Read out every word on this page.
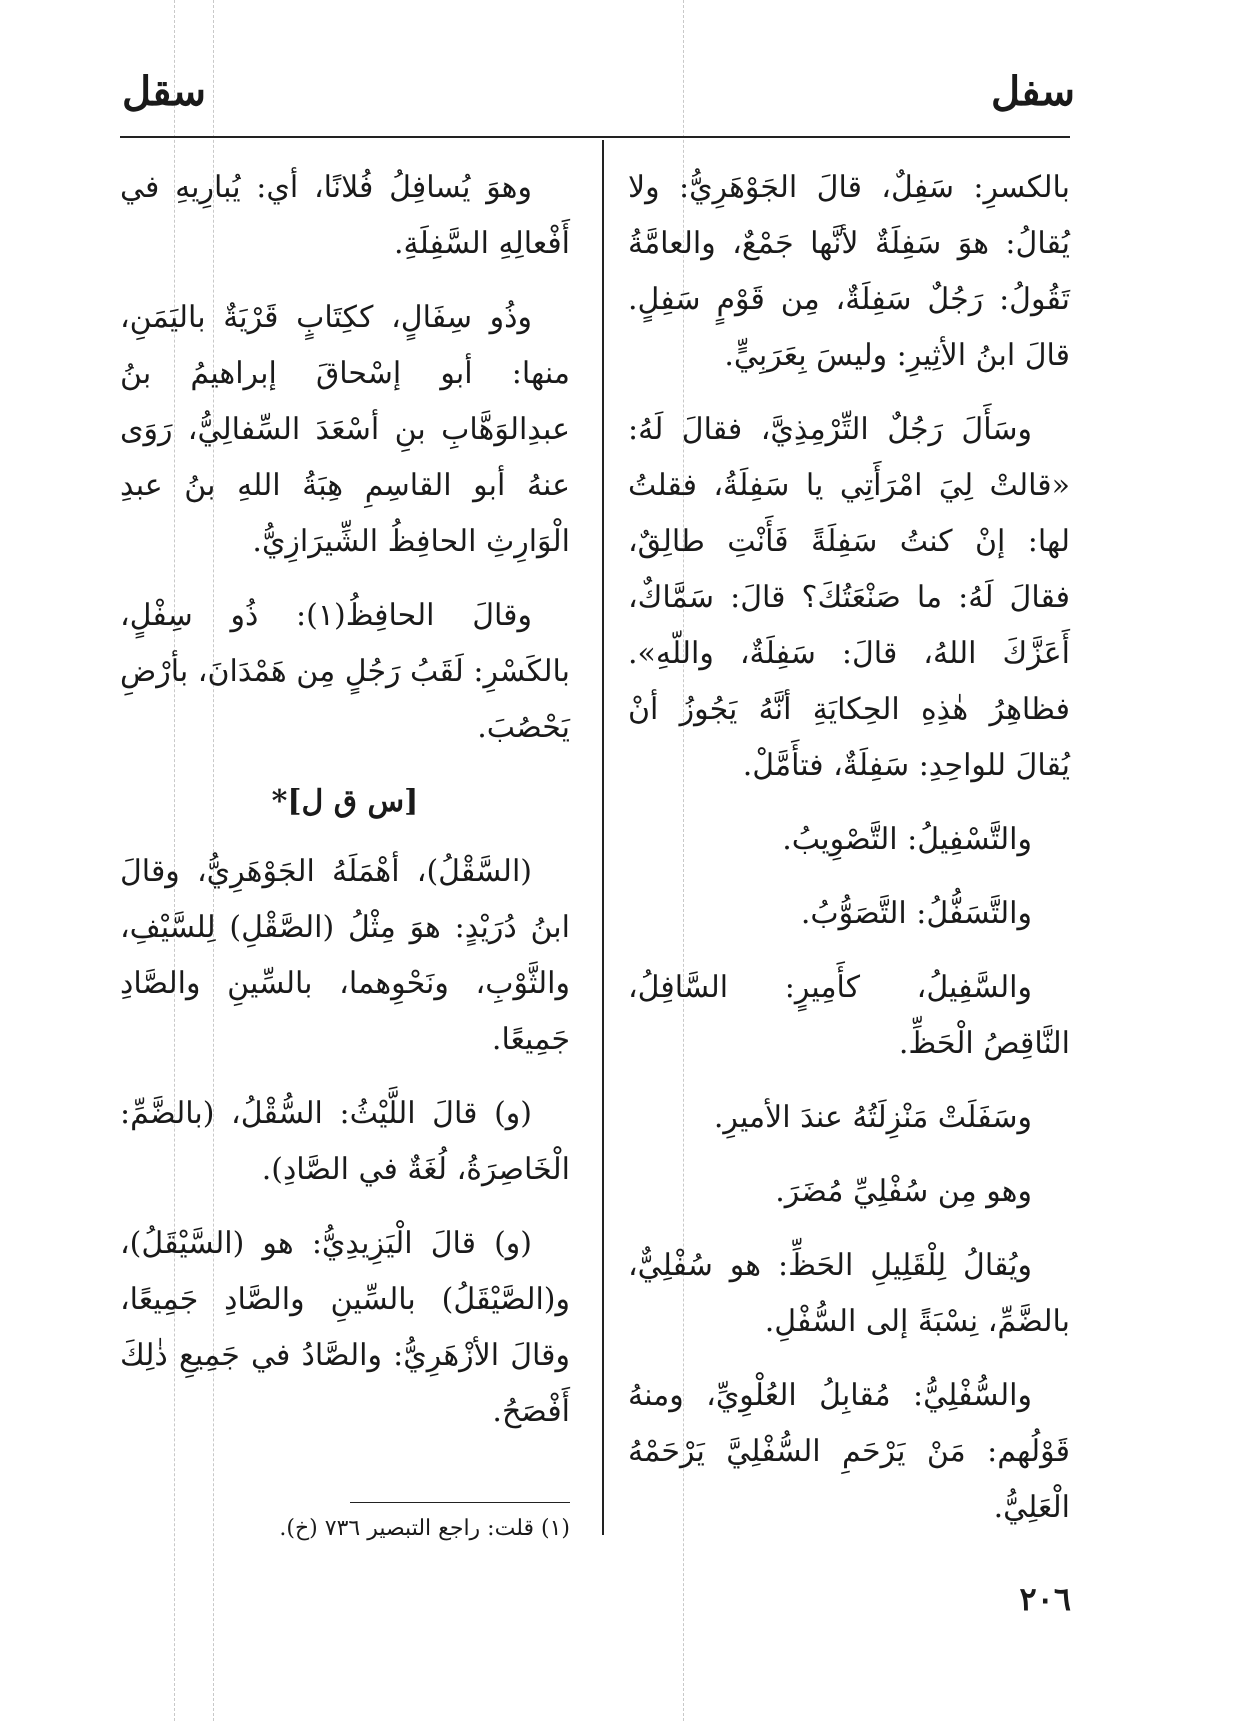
سفل
سقل

بالكسرِ: سَفِلٌ، قالَ الجَوْهَرِيُّ: ولا يُقالُ: هوَ سَفِلَةٌ لأنَّها جَمْعٌ، والعامَّةُ تَقُولُ: رَجُلٌ سَفِلَةٌ، مِن قَوْمٍ سَفِلٍ. قالَ ابنُ الأثِيرِ: وليسَ بِعَرَبِيٍّ.

وسَأَلَ رَجُلٌ التِّرْمِذِيَّ، فقالَ لَهُ: «قالتْ لِيَ امْرَأَتِي يا سَفِلَةُ، فقلتُ لها: إنْ كنتُ سَفِلَةً فَأَنْتِ طالِقٌ، فقالَ لَهُ: ما صَنْعَتُكَ؟ قالَ: سَمَّاكٌ، أَعَزَّكَ اللهُ، قالَ: سَفِلَةٌ، واللّهِ». فظاهِرُ هٰذِهِ الحِكايَةِ أنَّهُ يَجُوزُ أنْ يُقالَ للواحِدِ: سَفِلَةٌ، فتأَمَّلْ.

والتَّسْفِيلُ: التَّصْوِيبُ.

والتَّسَفُّلُ: التَّصَوُّبُ.

والسَّفِيلُ، كأَمِيرٍ: السَّافِلُ، النَّاقِصُ الْحَظِّ.

وسَفَلَتْ مَنْزِلَتُهُ عندَ الأميرِ.

وهو مِن سُفْلِيِّ مُضَرَ.

ويُقالُ لِلْقَلِيلِ الحَظِّ: هو سُفْلِيٌّ، بالضَّمِّ، نِسْبَةً إلى السُّفْلِ.

والسُّفْلِيُّ: مُقابِلُ العُلْوِيِّ، ومنهُ قَوْلُهم: مَنْ يَرْحَمِ السُّفْلِيَّ يَرْحَمْهُ الْعَلِيُّ.

وهوَ يُسافِلُ فُلانًا، أي: يُبارِيهِ في أَفْعالِهِ السَّفِلَةِ.

وذُو سِفَالٍ، ككِتَابٍ قَرْيَةٌ باليَمَنِ، منها: أبو إسْحاقَ إبراهيمُ بنُ عبدِالوَهَّابِ بنِ أسْعَدَ السِّفالِيُّ، رَوَى عنهُ أبو القاسِمِ هِبَةُ اللهِ بنُ عبدِ الْوَارِثِ الحافِظُ الشِّيرَازِيُّ.

وقالَ الحافِظُ(١): ذُو سِفْلٍ، بالكَسْرِ: لَقَبُ رَجُلٍ مِن هَمْدَانَ، بأرْضِ يَحْصُبَ.

[س ق ل]*

(السَّقْلُ)، أهْمَلَهُ الجَوْهَرِيُّ، وقالَ ابنُ دُرَيْدٍ: هوَ مِثْلُ (الصَّقْلِ) لِلسَّيْفِ، والثَّوْبِ، ونَحْوِهما، بالسِّينِ والصَّادِ جَمِيعًا.

(و) قالَ اللَّيْثُ: السُّقْلُ، (بالضَّمِّ: الْخَاصِرَةُ، لُغَةٌ في الصَّادِ).

(و) قالَ الْيَزِيدِيُّ: هو (السَّيْقَلُ)، و(الصَّيْقَلُ) بالسِّينِ والصَّادِ جَمِيعًا، وقالَ الأزْهَرِيُّ: والصَّادُ في جَمِيعِ ذٰلِكَ أَفْصَحُ.

(١) قلت: راجع التبصير ٧٣٦ (خ).
٢٠٦
